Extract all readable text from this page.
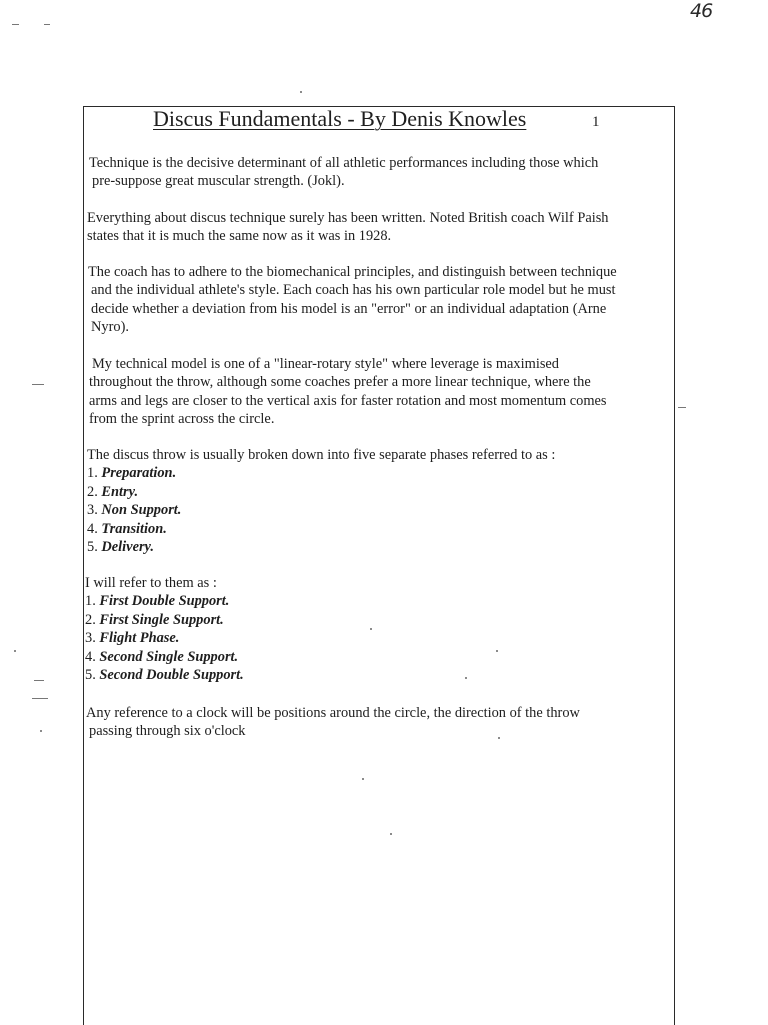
46
Discus Fundamentals - By Denis Knowles	1
Technique is the decisive determinant of all athletic performances including those which
pre-suppose great muscular strength. (Jokl).
Everything about discus technique surely has been written. Noted British coach Wilf Paish
states that it is much the same now as it was in 1928.
The coach has to adhere to the biomechanical principles, and distinguish between technique
and the individual athlete's style. Each coach has his own particular role model but he must
decide whether a deviation from his model is an "error" or an individual adaptation (Arne
Nyro).
My technical model is one of a "linear-rotary style" where leverage is maximised
throughout the throw, although some coaches prefer a more linear technique, where the
arms and legs are closer to the vertical axis for faster rotation and most momentum comes
from the sprint across the circle.
The discus throw is usually broken down into five separate phases referred to as :
1. Preparation.
2. Entry.
3. Non Support.
4. Transition.
5. Delivery.
I will refer to them as :
1. First Double Support.
2. First Single Support.
3. Flight Phase.
4. Second Single Support.
5. Second Double Support.
Any reference to a clock will be positions around the circle, the direction of the throw
passing through six o'clock
